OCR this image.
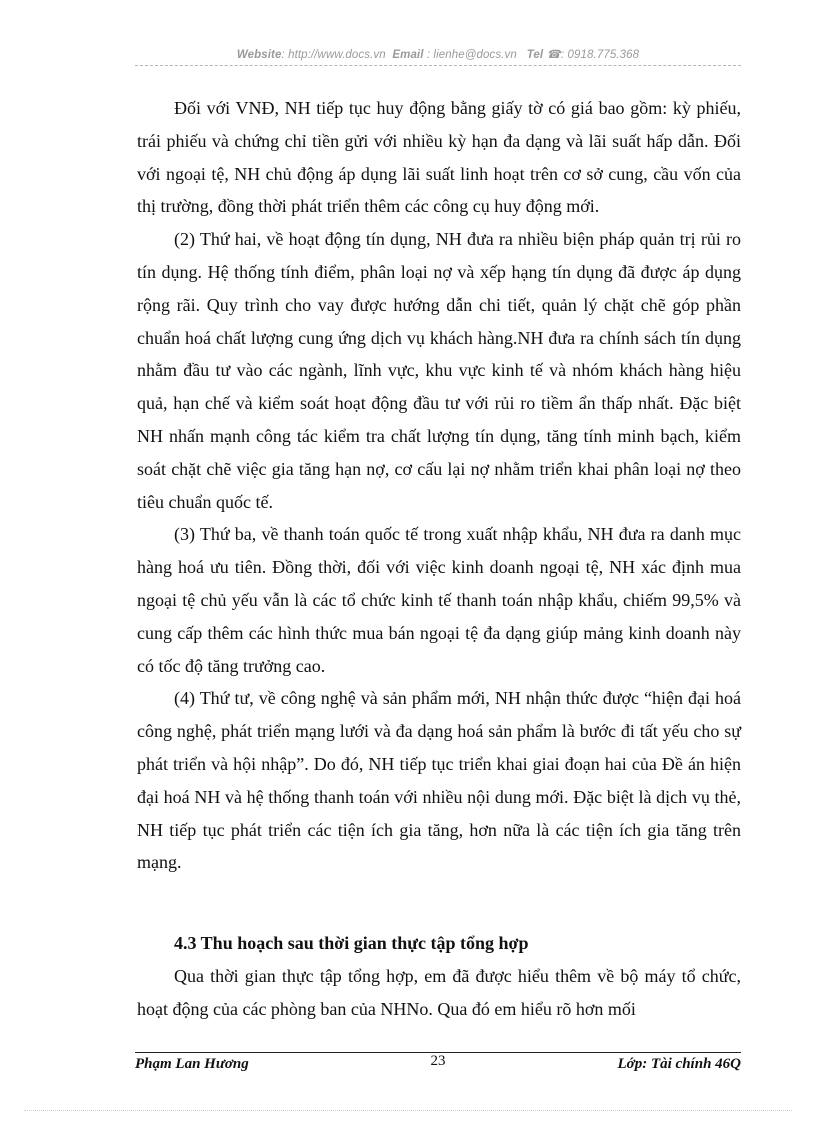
Website: http://www.docs.vn Email : lienhe@docs.vn Tel ☎: 0918.775.368

Đối với VNĐ, NH tiếp tục huy động bằng giấy tờ có giá bao gồm: kỳ phiếu, trái phiếu và chứng chỉ tiền gửi với nhiều kỳ hạn đa dạng và lãi suất hấp dẫn. Đối với ngoại tệ, NH chủ động áp dụng lãi suất linh hoạt trên cơ sở cung, cầu vốn của thị trường, đồng thời phát triển thêm các công cụ huy động mới.

(2) Thứ hai, về hoạt động tín dụng, NH đưa ra nhiều biện pháp quản trị rủi ro tín dụng. Hệ thống tính điểm, phân loại nợ và xếp hạng tín dụng đã được áp dụng rộng rãi. Quy trình cho vay được hướng dẫn chi tiết, quản lý chặt chẽ góp phần chuẩn hoá chất lượng cung ứng dịch vụ khách hàng.NH đưa ra chính sách tín dụng nhằm đầu tư vào các ngành, lĩnh vực, khu vực kinh tế và nhóm khách hàng hiệu quả, hạn chế và kiểm soát hoạt động đầu tư với rủi ro tiềm ẩn thấp nhất. Đặc biệt NH nhấn mạnh công tác kiểm tra chất lượng tín dụng, tăng tính minh bạch, kiểm soát chặt chẽ việc gia tăng hạn nợ, cơ cấu lại nợ nhằm triển khai phân loại nợ theo tiêu chuẩn quốc tế.

(3) Thứ ba, về thanh toán quốc tế trong xuất nhập khẩu, NH đưa ra danh mục hàng hoá ưu tiên. Đồng thời, đối với việc kinh doanh ngoại tệ, NH xác định mua ngoại tệ chủ yếu vẫn là các tổ chức kinh tế thanh toán nhập khẩu, chiếm 99,5% và cung cấp thêm các hình thức mua bán ngoại tệ đa dạng giúp mảng kinh doanh này có tốc độ tăng trưởng cao.

(4) Thứ tư, về công nghệ và sản phẩm mới, NH nhận thức được “hiện đại hoá công nghệ, phát triển mạng lưới và đa dạng hoá sản phẩm là bước đi tất yếu cho sự phát triển và hội nhập”. Do đó, NH tiếp tục triển khai giai đoạn hai của Đề án hiện đại hoá NH và hệ thống thanh toán với nhiều nội dung mới. Đặc biệt là dịch vụ thẻ, NH tiếp tục phát triển các tiện ích gia tăng, hơn nữa là các tiện ích gia tăng trên mạng.

4.3 Thu hoạch sau thời gian thực tập tổng hợp

Qua thời gian thực tập tổng hợp, em đã được hiểu thêm về bộ máy tổ chức, hoạt động của các phòng ban của NHNo. Qua đó em hiểu rõ hơn mối

Phạm Lan Hương	23	Lớp: Tài chính 46Q
